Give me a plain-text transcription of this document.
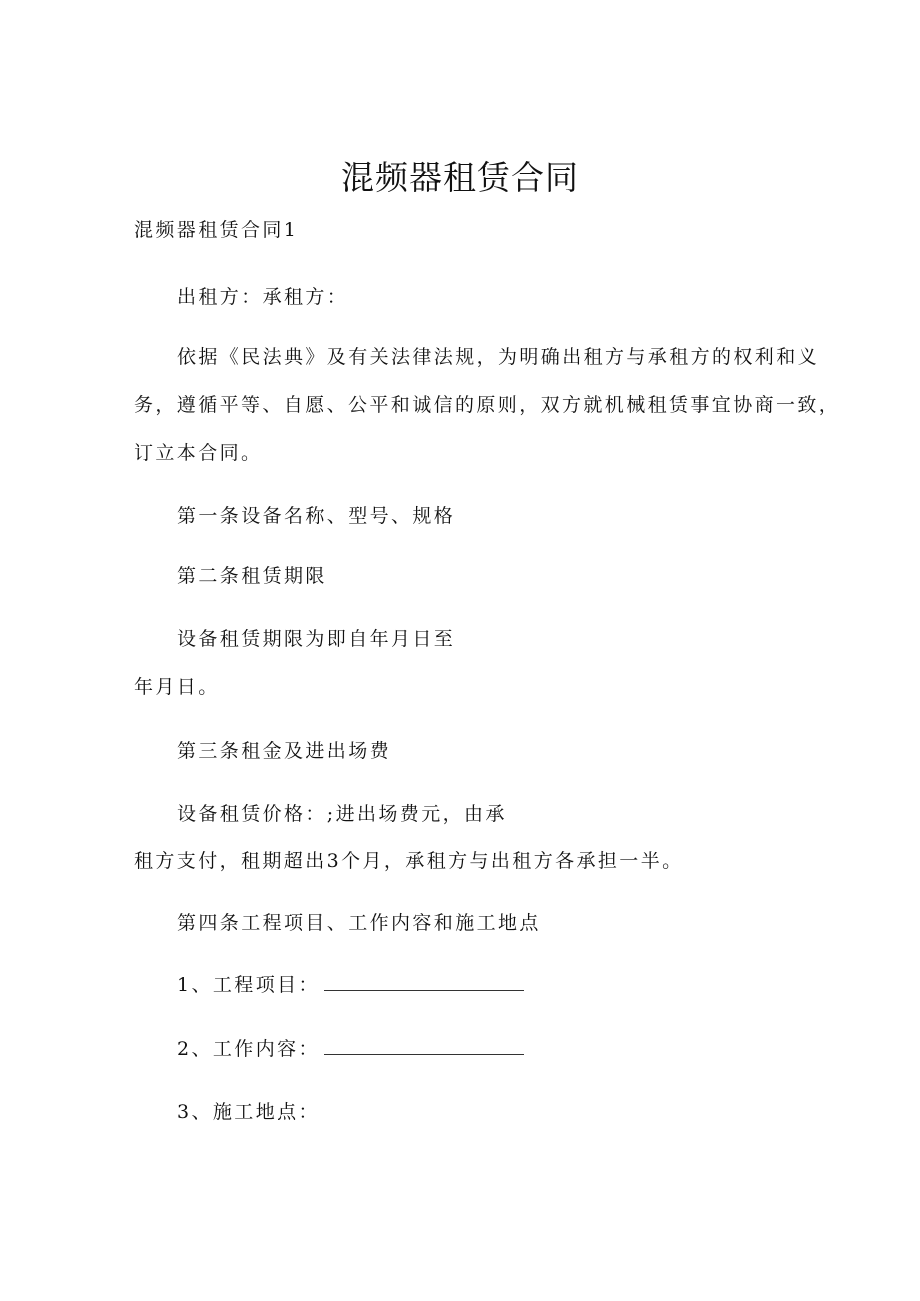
混频器租赁合同
混频器租赁合同1
出租方：承租方：
依据《民法典》及有关法律法规，为明确出租方与承租方的权利和义
务，遵循平等、自愿、公平和诚信的原则，双方就机械租赁事宜协商一致，
订立本合同。
第一条设备名称、型号、规格
第二条租赁期限
设备租赁期限为即自年月日至
年月日。
第三条租金及进出场费
设备租赁价格：;进出场费元，由承
租方支付，租期超出3个月，承租方与出租方各承担一半。
第四条工程项目、工作内容和施工地点
1、工程项目：
2、工作内容：
3、施工地点：
